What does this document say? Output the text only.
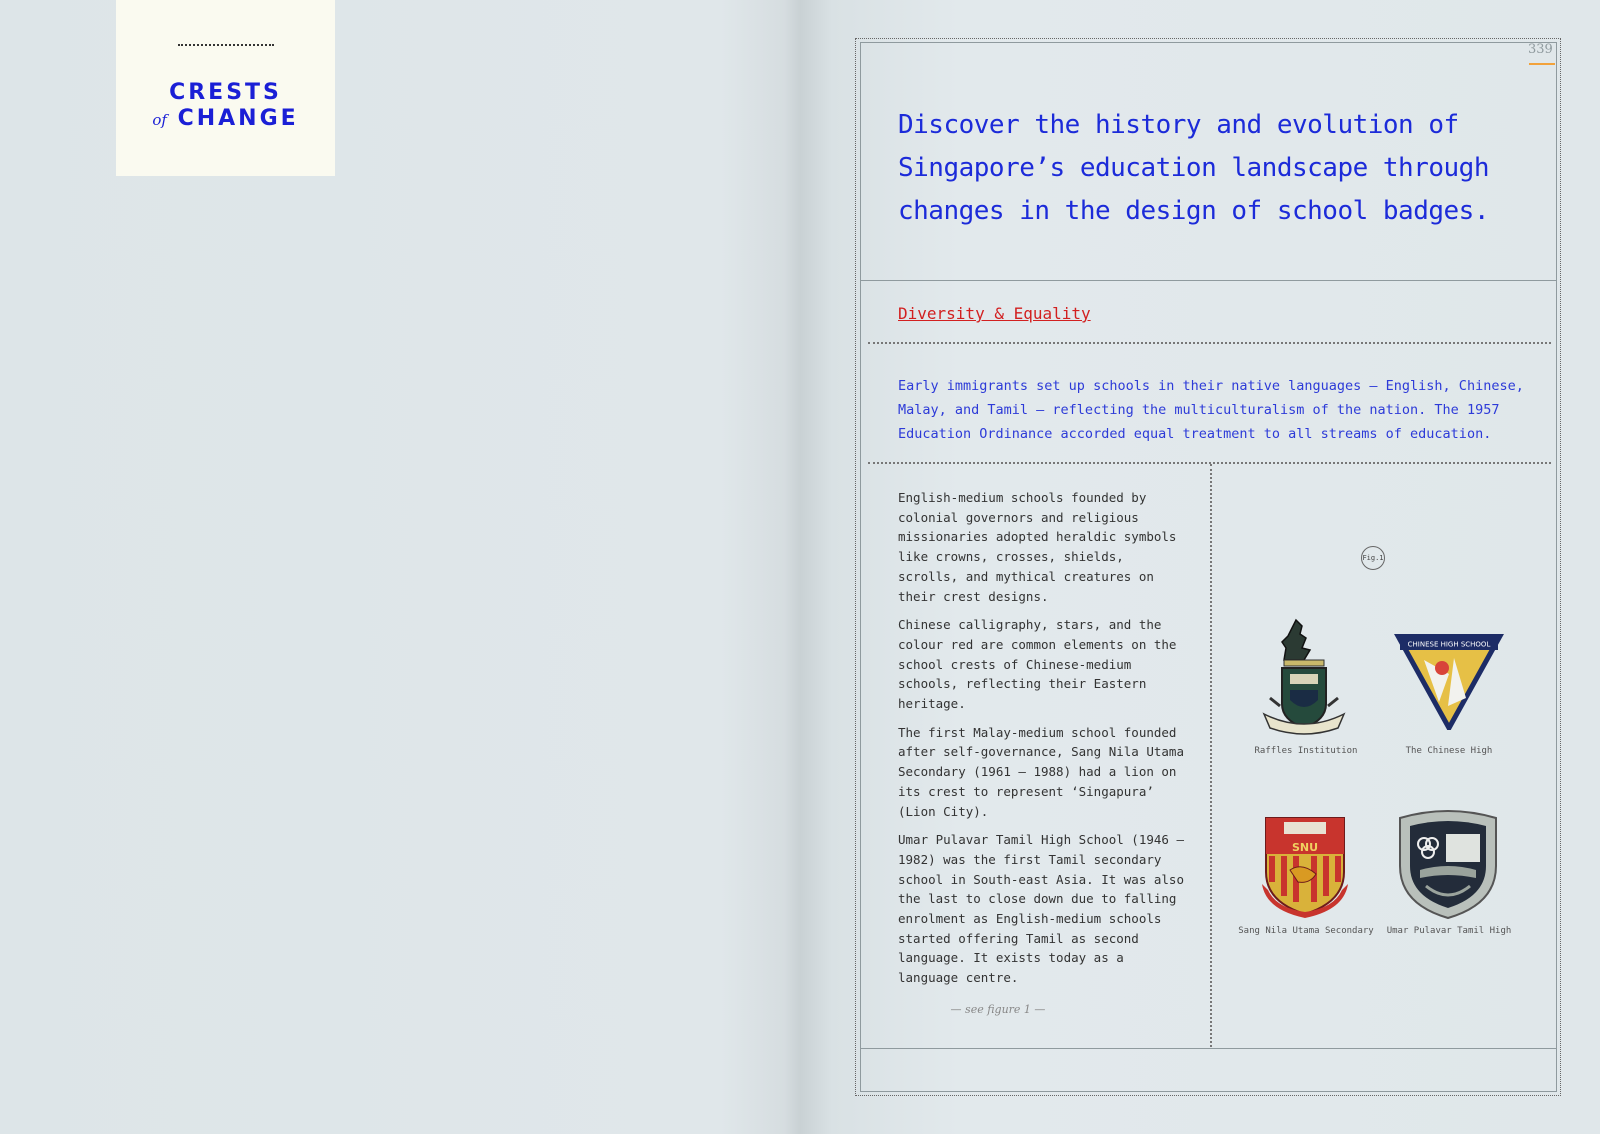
CRESTS
of CHANGE
339
Discover the history and evolution of Singapore’s education landscape through changes in the design of school badges.
Diversity & Equality
Early immigrants set up schools in their native languages — English, Chinese, Malay, and Tamil — reflecting the multiculturalism of the nation. The 1957 Education Ordinance accorded equal treatment to all streams of education.

English-medium schools founded by colonial governors and religious missionaries adopted heraldic symbols like crowns, crosses, shields, scrolls, and mythical creatures on their crest designs.

Chinese calligraphy, stars, and the colour red are common elements on the school crests of Chinese-medium schools, reflecting their Eastern heritage.

The first Malay-medium school founded after self-governance, Sang Nila Utama Secondary (1961 — 1988) had a lion on its crest to represent ‘Singapura’ (Lion City).

Umar Pulavar Tamil High School (1946 — 1982) was the first Tamil secondary school in South-east Asia. It was also the last to close down due to falling enrolment as English-medium schools started offering Tamil as second language. It exists today as a language centre.

— see figure 1 —
Fig.1
Raffles Institution
CHINESE HIGH SCHOOL
The Chinese High
SNU
Sang Nila Utama Secondary	Umar Pulavar Tamil High
